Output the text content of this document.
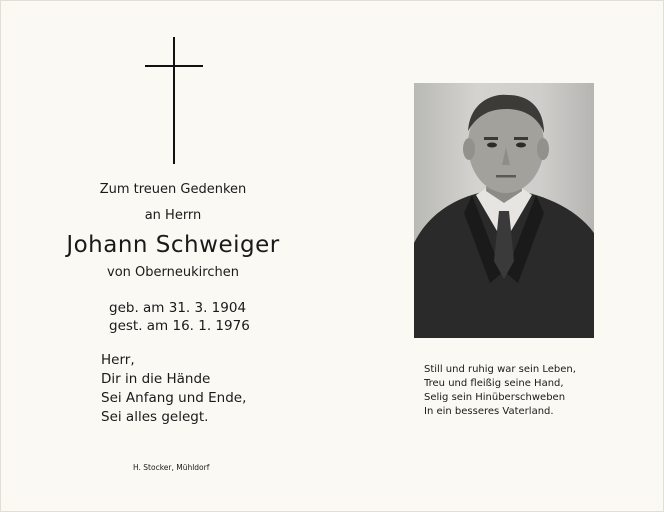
Zum treuen Gedenken
an Herrn
Johann Schweiger
von Oberneukirchen
geb. am 31. 3. 1904
gest. am 16. 1. 1976
Herr,
Dir in die Hände
Sei Anfang und Ende,
Sei alles gelegt.
H. Stocker, Mühldorf
Still und ruhig war sein Leben,
Treu und fleißig seine Hand,
Selig sein Hinüberschweben
In ein besseres Vaterland.
